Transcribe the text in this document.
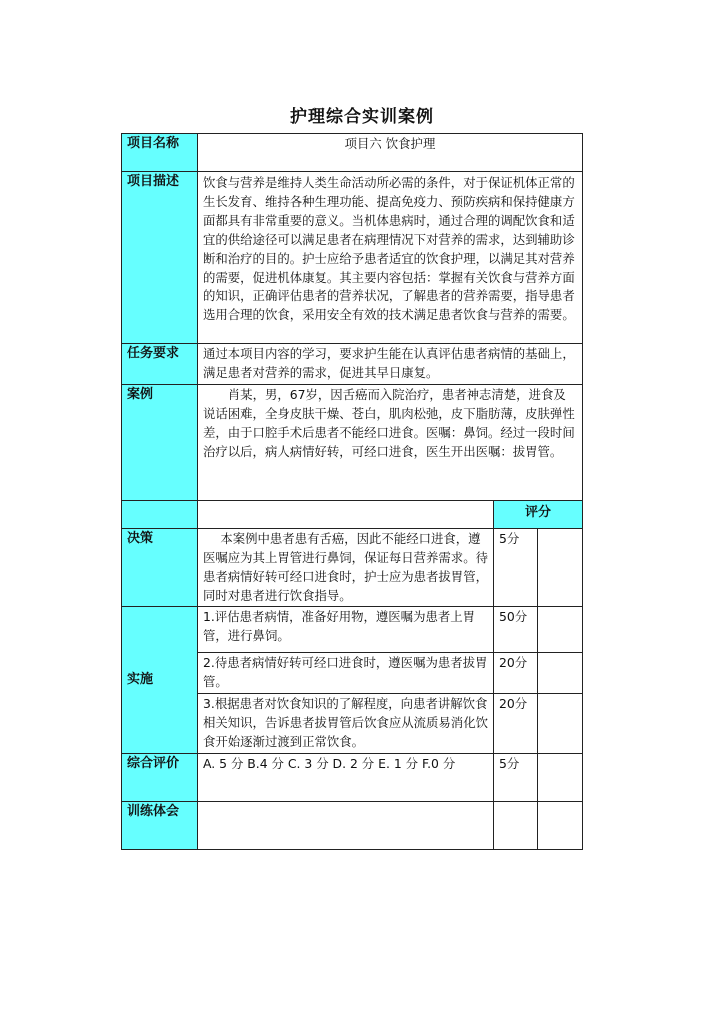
护理综合实训案例
项目名称	项目六 饮食护理		
项目描述	饮食与营养是维持人类生命活动所必需的条件，对于保证机体正常的生长发育、维持各种生理功能、提高免疫力、预防疾病和保持健康方面都具有非常重要的意义。当机体患病时，通过合理的调配饮食和适宜的供给途径可以满足患者在病理情况下对营养的需求，达到辅助诊断和治疗的目的。护士应给予患者适宜的饮食护理，以满足其对营养的需要，促进机体康复。其主要内容包括：掌握有关饮食与营养方面的知识，正确评估患者的营养状况，了解患者的营养需要，指导患者选用合理的饮食，采用安全有效的技术满足患者饮食与营养的需要。		
任务要求	通过本项目内容的学习，要求护生能在认真评估患者病情的基础上，满足患者对营养的需求，促进其早日康复。		
案例	肖某，男，67岁，因舌癌而入院治疗，患者神志清楚，进食及说话困难，全身皮肤干燥、苍白，肌肉松弛，皮下脂肪薄，皮肤弹性差，由于口腔手术后患者不能经口进食。医嘱：鼻饲。经过一段时间治疗以后，病人病情好转，可经口进食，医生开出医嘱：拔胃管。		
		评分	
决策	本案例中患者患有舌癌，因此不能经口进食，遵医嘱应为其上胃管进行鼻饲，保证每日营养需求。待患者病情好转可经口进食时，护士应为患者拔胃管，同时对患者进行饮食指导。	5分	
实施	1.评估患者病情，准备好用物，遵医嘱为患者上胃管，进行鼻饲。	50分	
	2.待患者病情好转可经口进食时，遵医嘱为患者拔胃管。	20分	
	3.根据患者对饮食知识的了解程度，向患者讲解饮食相关知识，告诉患者拔胃管后饮食应从流质易消化饮食开始逐渐过渡到正常饮食。	20分	
综合评价	A. 5 分 B.4 分 C. 3 分 D. 2 分 E. 1 分 F.0 分	5分	
训练体会			
